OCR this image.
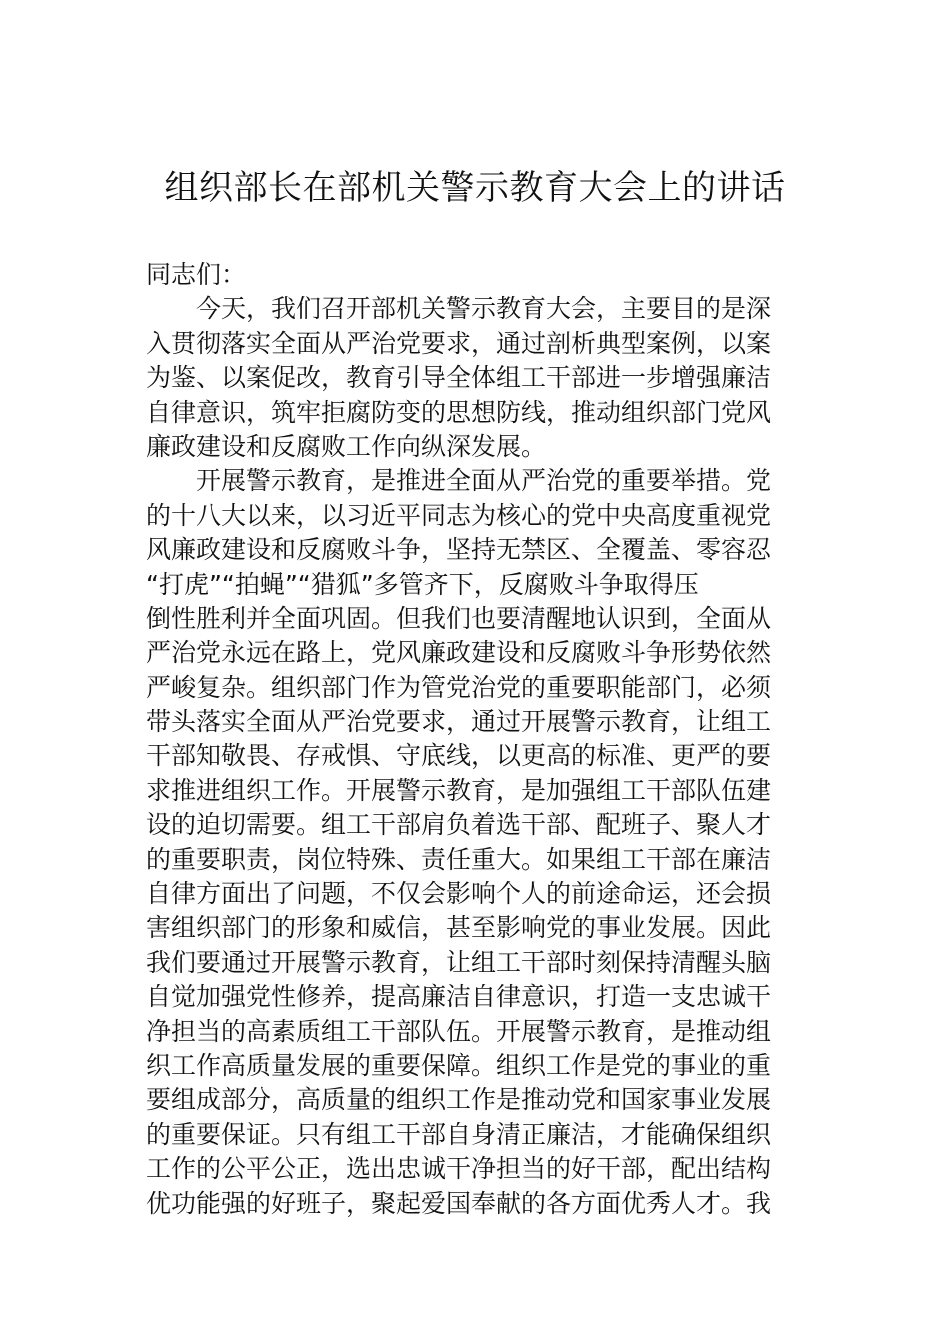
组织部长在部机关警示教育大会上的讲话
同志们：
今天，我们召开部机关警示教育大会，主要目的是深
入贯彻落实全面从严治党要求，通过剖析典型案例，以案
为鉴、以案促改，教育引导全体组工干部进一步增强廉洁
自律意识，筑牢拒腐防变的思想防线，推动组织部门党风
廉政建设和反腐败工作向纵深发展。
开展警示教育，是推进全面从严治党的重要举措。党
的十八大以来，以习近平同志为核心的党中央高度重视党
风廉政建设和反腐败斗争，坚持无禁区、全覆盖、零容忍
“打虎”“拍蝇”“猎狐”多管齐下，反腐败斗争取得压
倒性胜利并全面巩固。但我们也要清醒地认识到，全面从
严治党永远在路上，党风廉政建设和反腐败斗争形势依然
严峻复杂。组织部门作为管党治党的重要职能部门，必须
带头落实全面从严治党要求，通过开展警示教育，让组工
干部知敬畏、存戒惧、守底线，以更高的标准、更严的要
求推进组织工作。开展警示教育，是加强组工干部队伍建
设的迫切需要。组工干部肩负着选干部、配班子、聚人才
的重要职责，岗位特殊、责任重大。如果组工干部在廉洁
自律方面出了问题，不仅会影响个人的前途命运，还会损
害组织部门的形象和威信，甚至影响党的事业发展。因此
我们要通过开展警示教育，让组工干部时刻保持清醒头脑
自觉加强党性修养，提高廉洁自律意识，打造一支忠诚干
净担当的高素质组工干部队伍。开展警示教育，是推动组
织工作高质量发展的重要保障。组织工作是党的事业的重
要组成部分，高质量的组织工作是推动党和国家事业发展
的重要保证。只有组工干部自身清正廉洁，才能确保组织
工作的公平公正，选出忠诚干净担当的好干部，配出结构
优功能强的好班子，聚起爱国奉献的各方面优秀人才。我
